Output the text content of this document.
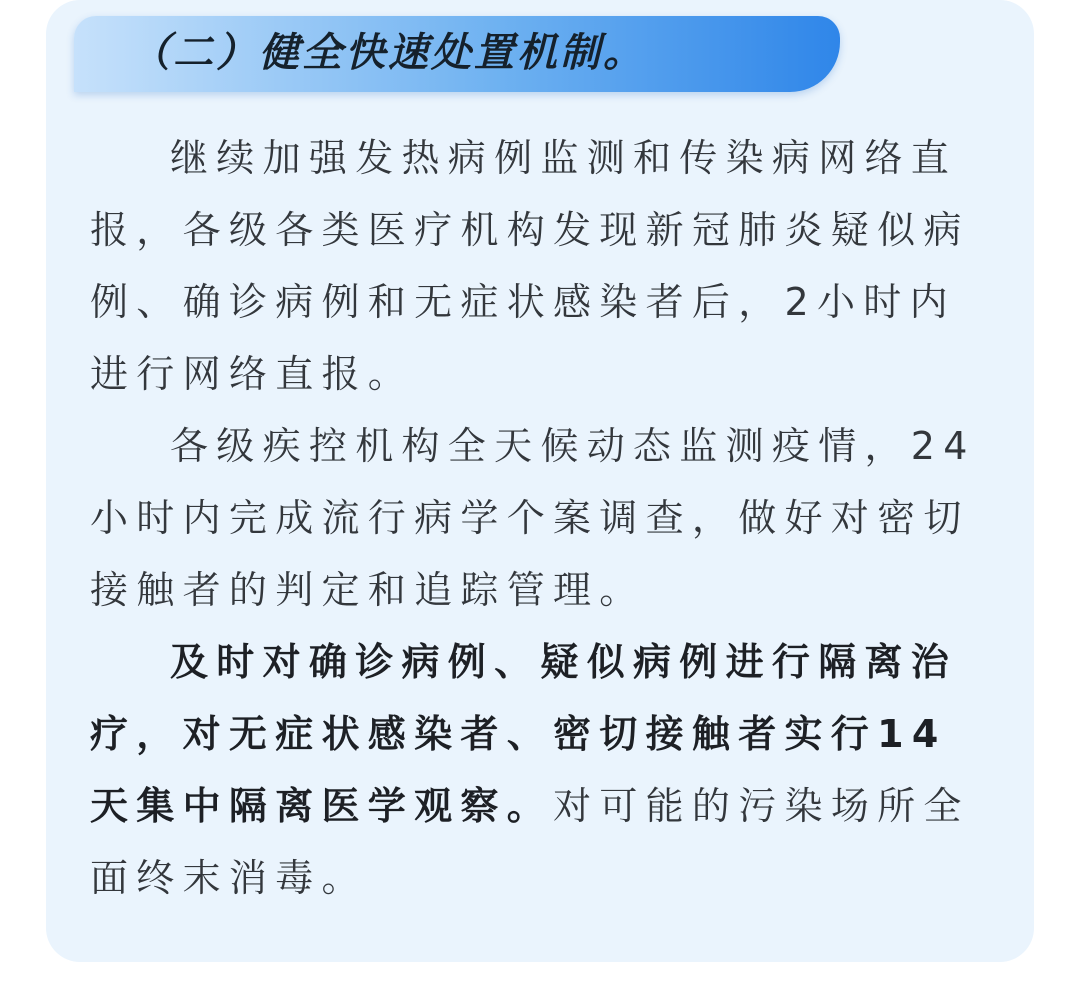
（二）健全快速处置机制。

继续加强发热病例监测和传染病网络直报，各级各类医疗机构发现新冠肺炎疑似病例、确诊病例和无症状感染者后，2小时内进行网络直报。

各级疾控机构全天候动态监测疫情，24小时内完成流行病学个案调查，做好对密切接触者的判定和追踪管理。

及时对确诊病例、疑似病例进行隔离治疗，对无症状感染者、密切接触者实行14天集中隔离医学观察。对可能的污染场所全面终末消毒。
